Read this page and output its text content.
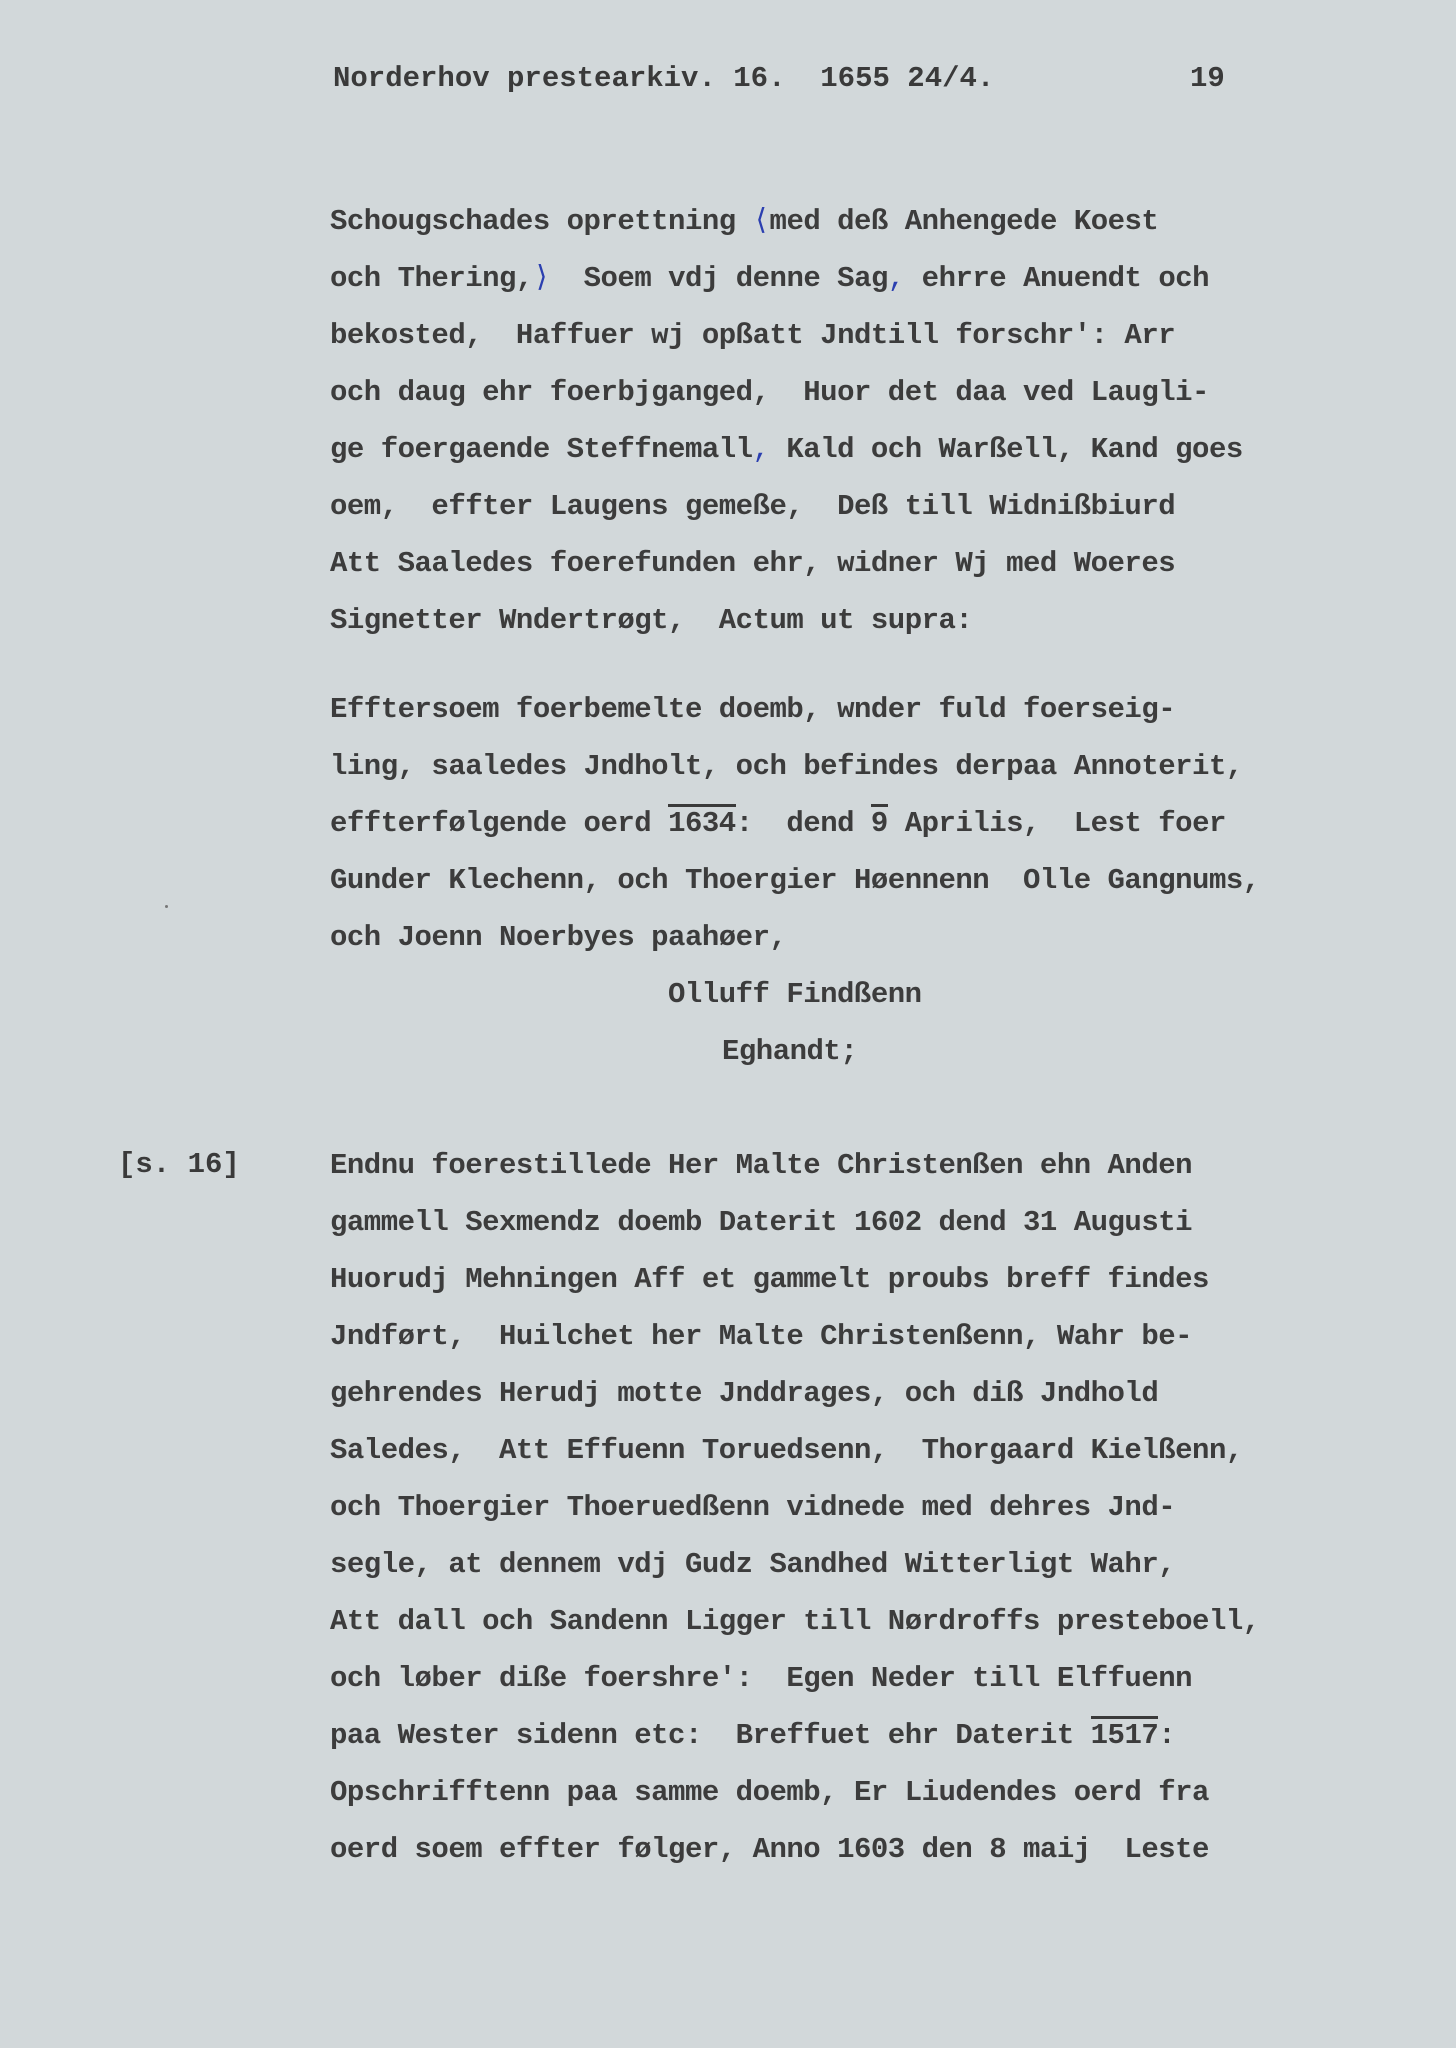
Norderhov prestearkiv. 16.  1655 24/4.	19
Schougschades oprettning ⟨med deß Anhengede Koest
och Thering,⟩  Soem vdj denne Sag, ehrre Anuendt och
bekosted,  Haffuer wj opßatt Jndtill forschr': Arr
och daug ehr foerbjganged,  Huor det daa ved Laugli-
ge foergaende Steffnemall, Kald och Warßell, Kand goes
oem,  effter Laugens gemeße,  Deß till Widnißbiurd
Att Saaledes foerefunden ehr, widner Wj med Woeres
Signetter Wndertrøgt,  Actum ut supra:
Efftersoem foerbemelte doemb, wnder fuld foerseig-
ling, saaledes Jndholt, och befindes derpaa Annoterit,
effterfølgende oerd 1634:  dend 9 Aprilis,  Lest foer
Gunder Klechenn, och Thoergier Høennenn  Olle Gangnums,
och Joenn Noerbyes paahøer,
Olluff Findßenn
Eghandt;
[s. 16]	Endnu foerestillede Her Malte Christenßen ehn Anden
gammell Sexmendz doemb Daterit 1602 dend 31 Augusti
Huorudj Mehningen Aff et gammelt proubs breff findes
Jndført,  Huilchet her Malte Christenßenn, Wahr be-
gehrendes Herudj motte Jnddrages, och diß Jndhold
Saledes,  Att Effuenn Toruedsenn,  Thorgaard Kielßenn,
och Thoergier Thoeruedßenn vidnede med dehres Jnd-
segle, at dennem vdj Gudz Sandhed Witterligt Wahr,
Att dall och Sandenn Ligger till Nørdroffs presteboell,
och løber diße foershre':  Egen Neder till Elffuenn
paa Wester sidenn etc:  Breffuet ehr Daterit 1517:
Opschrifftenn paa samme doemb, Er Liudendes oerd fra
oerd soem effter følger, Anno 1603 den 8 maij  Leste
